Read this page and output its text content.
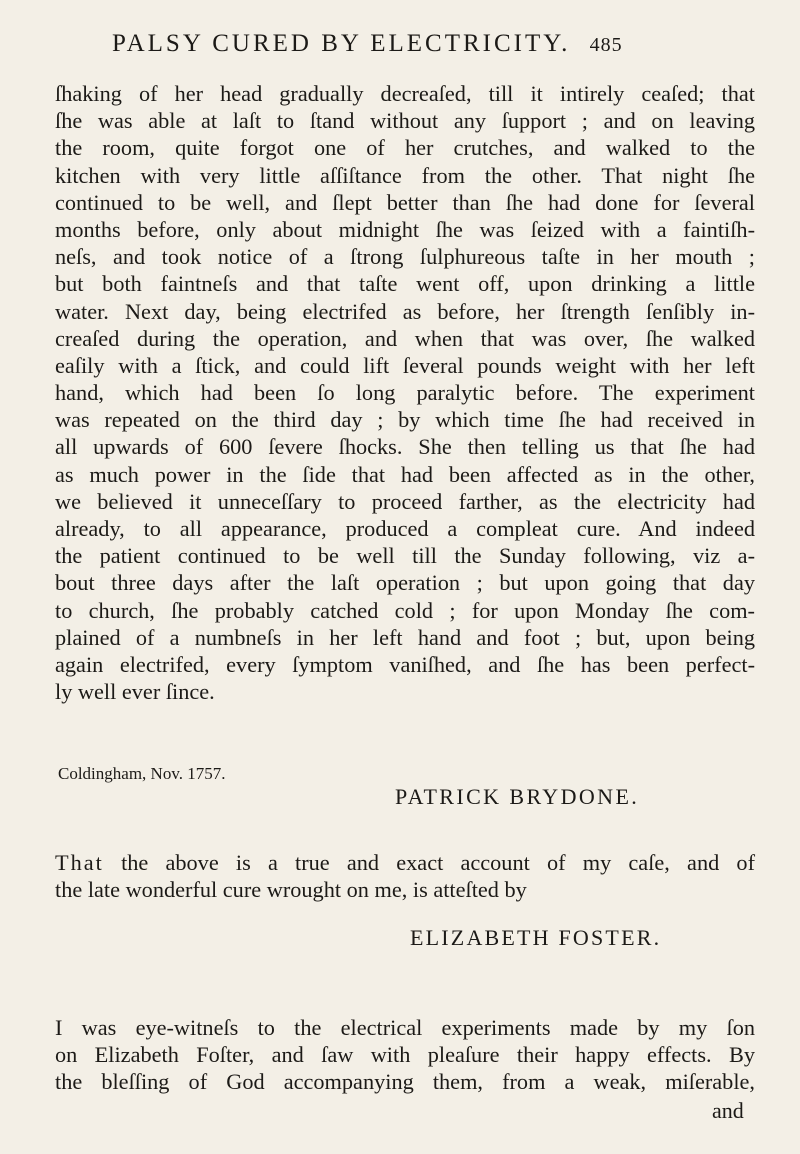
PALSY CURED BY ELECTRICITY. 485
ſhaking of her head gradually decreaſed, till it intirely ceaſed; that
ſhe was able at laſt to ſtand without any ſupport ; and on leaving
the room, quite forgot one of her crutches, and walked to the
kitchen with very little aſſiſtance from the other. That night ſhe
continued to be well, and ſlept better than ſhe had done for ſeveral
months before, only about midnight ſhe was ſeized with a faintiſh-
neſs, and took notice of a ſtrong ſulphureous taſte in her mouth ;
but both faintneſs and that taſte went off, upon drinking a little
water. Next day, being electrifed as before, her ſtrength ſenſibly in-
creaſed during the operation, and when that was over, ſhe walked
eaſily with a ſtick, and could lift ſeveral pounds weight with her left
hand, which had been ſo long paralytic before. The experiment
was repeated on the third day ; by which time ſhe had received in
all upwards of 600 ſevere ſhocks. She then telling us that ſhe had
as much power in the ſide that had been affected as in the other,
we believed it unneceſſary to proceed farther, as the electricity had
already, to all appearance, produced a compleat cure. And indeed
the patient continued to be well till the Sunday following, viz a-
bout three days after the laſt operation ; but upon going that day
to church, ſhe probably catched cold ; for upon Monday ſhe com-
plained of a numbneſs in her left hand and foot ; but, upon being
again electrifed, every ſymptom vaniſhed, and ſhe has been perfect-
ly well ever ſince.
Coldingham, Nov. 1757.
PATRICK BRYDONE.
That the above is a true and exact account of my caſe, and of
the late wonderful cure wrought on me, is atteſted by
ELIZABETH FOSTER.
I was eye-witneſs to the electrical experiments made by my ſon
on Elizabeth Foſter, and ſaw with pleaſure their happy effects. By
the bleſſing of God accompanying them, from a weak, miſerable,
and
